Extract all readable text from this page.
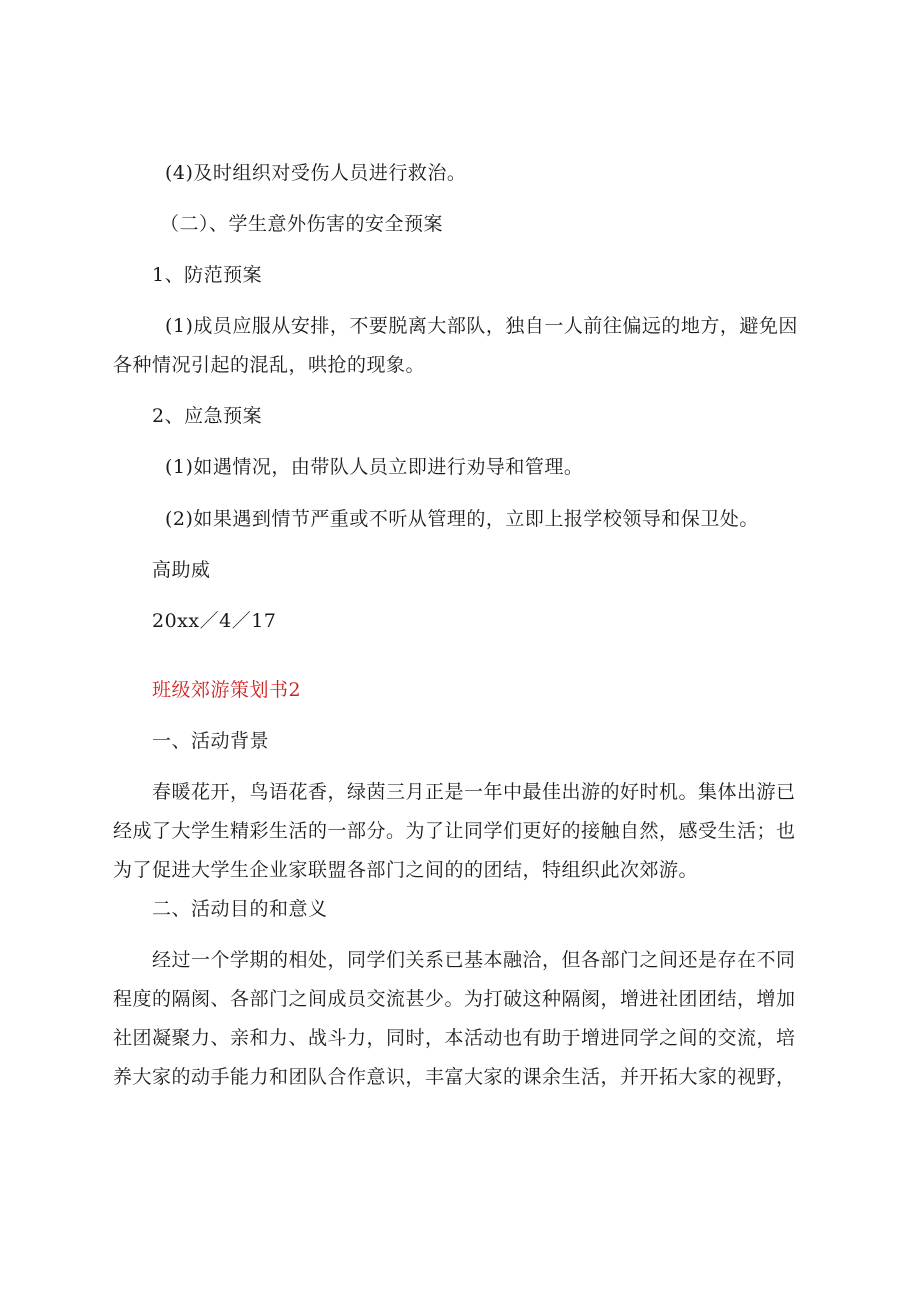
(4)及时组织对受伤人员进行救治。
（二）、学生意外伤害的安全预案
1、防范预案
(1)成员应服从安排，不要脱离大部队，独自一人前往偏远的地方，避免因
各种情况引起的混乱，哄抢的现象。
2、应急预案
(1)如遇情况，由带队人员立即进行劝导和管理。
(2)如果遇到情节严重或不听从管理的，立即上报学校领导和保卫处。
高助威
20xx／4／17
班级郊游策划书2
一、活动背景
春暖花开，鸟语花香，绿茵三月正是一年中最佳出游的好时机。集体出游已
经成了大学生精彩生活的一部分。为了让同学们更好的接触自然，感受生活；也
为了促进大学生企业家联盟各部门之间的的团结，特组织此次郊游。
二、活动目的和意义
经过一个学期的相处，同学们关系已基本融洽，但各部门之间还是存在不同
程度的隔阂、各部门之间成员交流甚少。为打破这种隔阂，增进社团团结，增加
社团凝聚力、亲和力、战斗力，同时，本活动也有助于增进同学之间的交流，培
养大家的动手能力和团队合作意识，丰富大家的课余生活，并开拓大家的视野，
